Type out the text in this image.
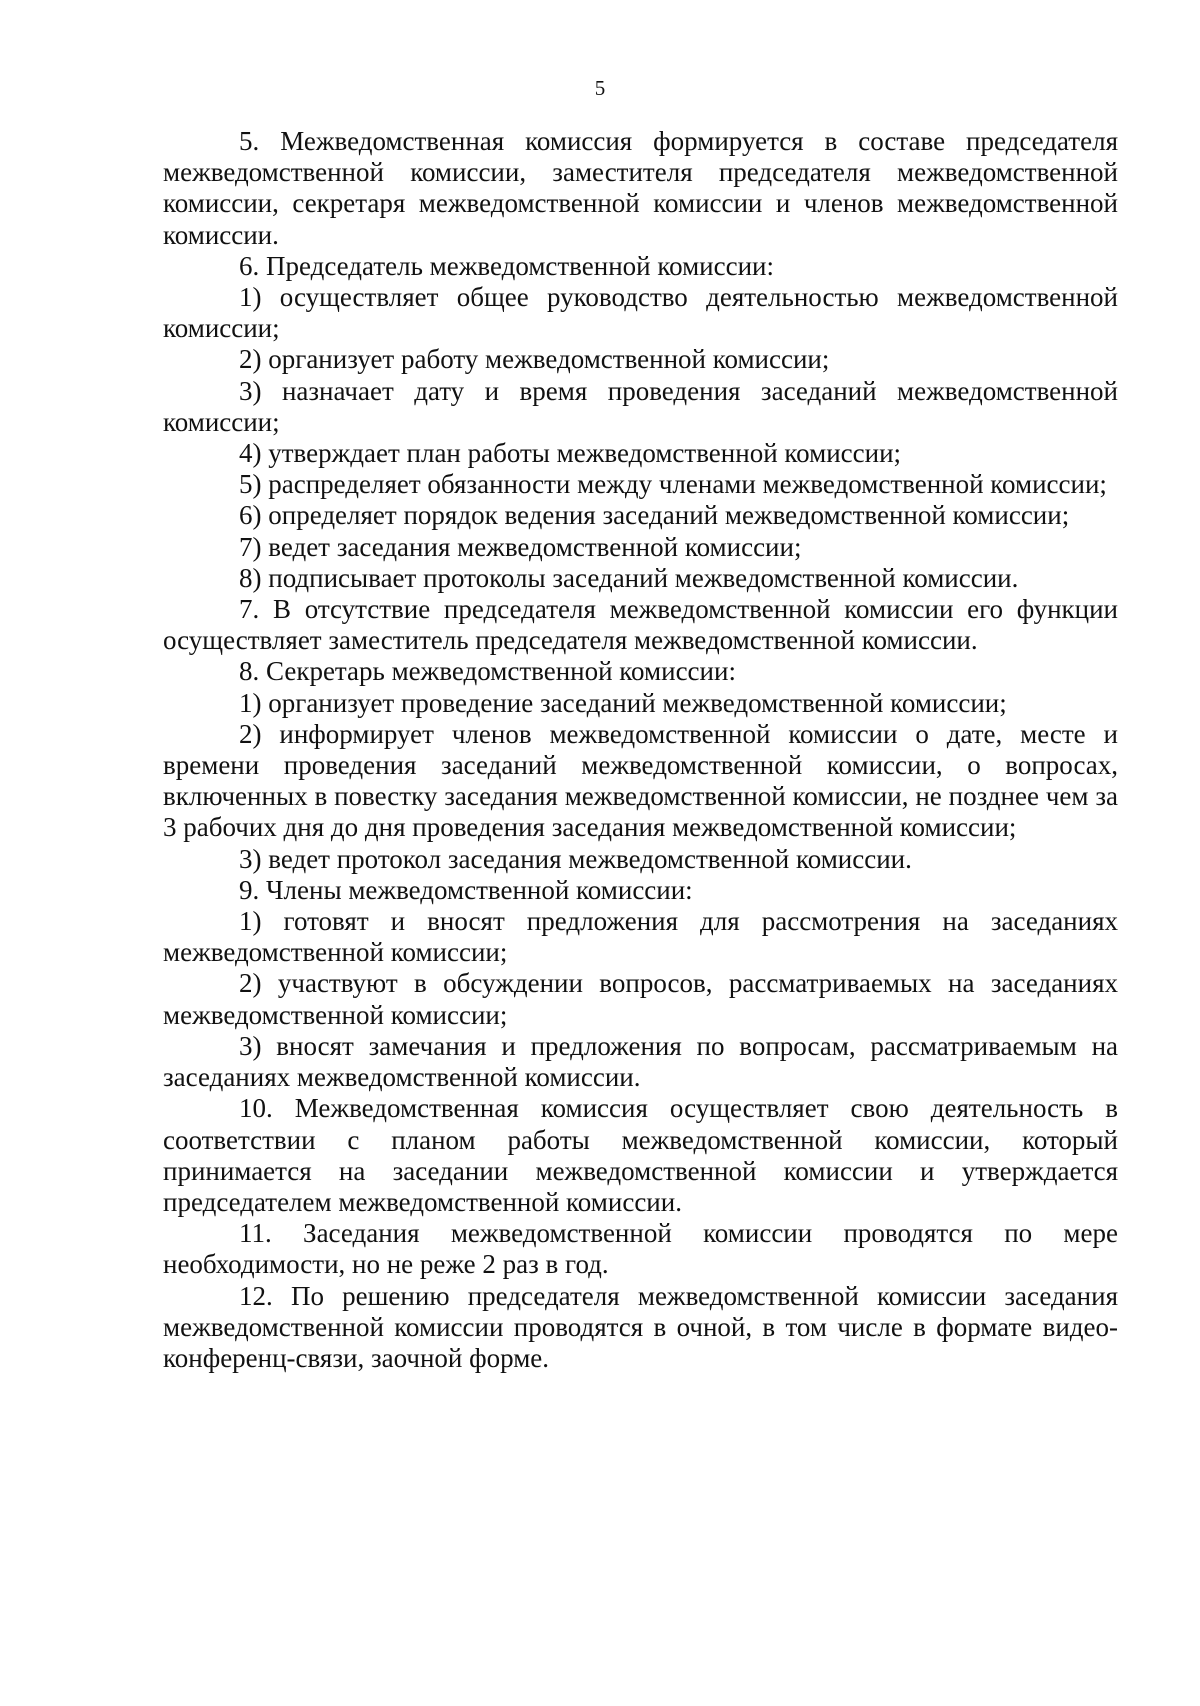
5

5. Межведомственная комиссия формируется в составе председателя межведомственной комиссии, заместителя председателя межведомственной комиссии, секретаря межведомственной комиссии и членов межведомственной комиссии.

6. Председатель межведомственной комиссии:

1) осуществляет общее руководство деятельностью межведомственной комиссии;

2) организует работу межведомственной комиссии;

3) назначает дату и время проведения заседаний межведомственной комиссии;

4) утверждает план работы межведомственной комиссии;

5) распределяет обязанности между членами межведомственной комиссии;

6) определяет порядок ведения заседаний межведомственной комиссии;

7) ведет заседания межведомственной комиссии;

8) подписывает протоколы заседаний межведомственной комиссии.

7. В отсутствие председателя межведомственной комиссии его функции осуществляет заместитель председателя межведомственной комиссии.

8. Секретарь межведомственной комиссии:

1) организует проведение заседаний межведомственной комиссии;

2) информирует членов межведомственной комиссии о дате, месте и времени проведения заседаний межведомственной комиссии, о вопросах, включенных в повестку заседания межведомственной комиссии, не позднее чем за 3 рабочих дня до дня проведения заседания межведомственной комиссии;

3) ведет протокол заседания межведомственной комиссии.

9. Члены межведомственной комиссии:

1) готовят и вносят предложения для рассмотрения на заседаниях межведомственной комиссии;

2) участвуют в обсуждении вопросов, рассматриваемых на заседаниях межведомственной комиссии;

3) вносят замечания и предложения по вопросам, рассматриваемым на заседаниях межведомственной комиссии.

10. Межведомственная комиссия осуществляет свою деятельность в соответствии с планом работы межведомственной комиссии, который принимается на заседании межведомственной комиссии и утверждается председателем межведомственной комиссии.

11. Заседания межведомственной комиссии проводятся по мере необходимости, но не реже 2 раз в год.

12. По решению председателя межведомственной комиссии заседания межведомственной комиссии проводятся в очной, в том числе в формате видео-конференц-связи, заочной форме.
